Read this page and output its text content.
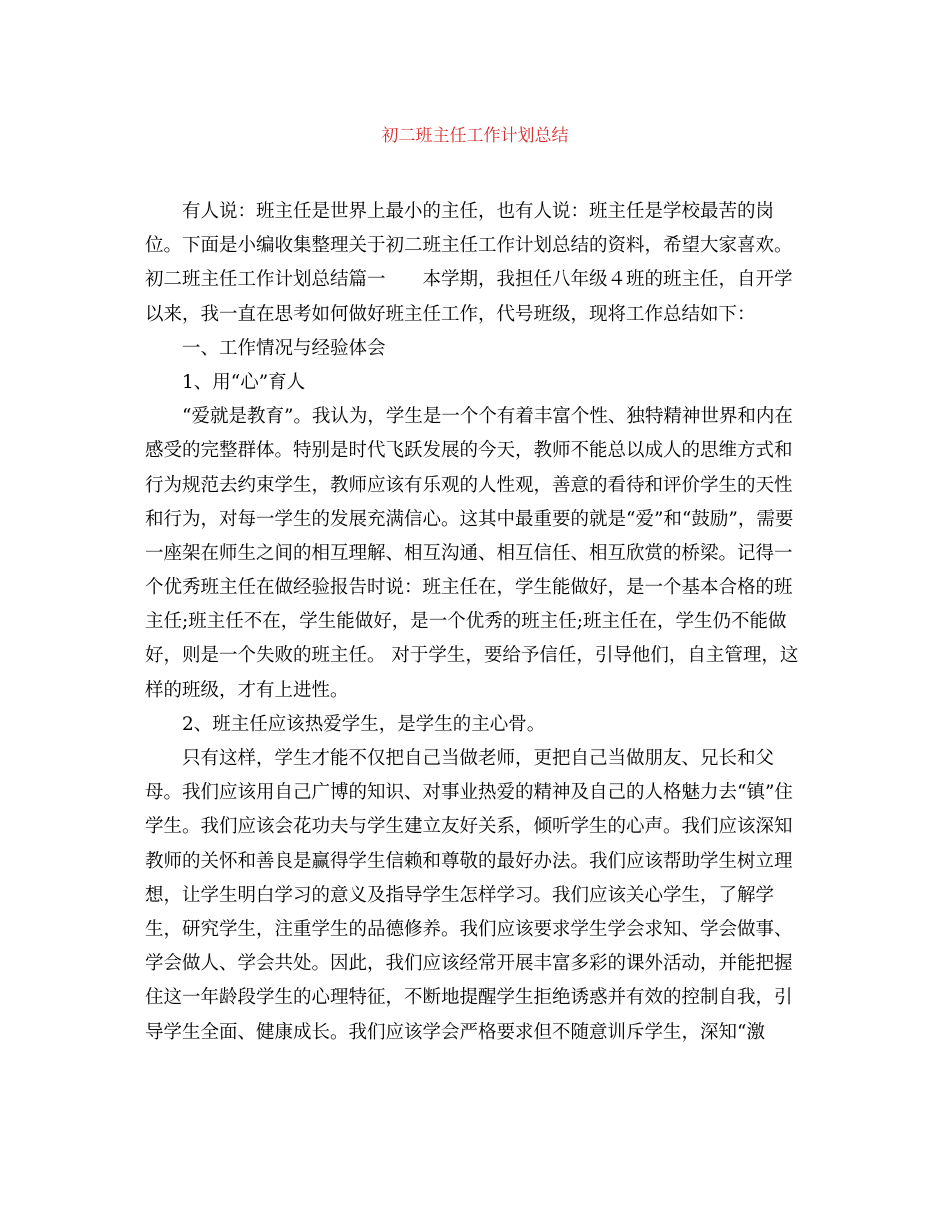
初二班主任工作计划总结
有人说：班主任是世界上最小的主任，也有人说：班主任是学校最苦的岗
位。下面是小编收集整理关于初二班主任工作计划总结的资料，希望大家喜欢。
初二班主任工作计划总结篇一　　本学期，我担任八年级４班的班主任，自开学
以来，我一直在思考如何做好班主任工作，代号班级，现将工作总结如下：
一、工作情况与经验体会
1、用“心”育人
“爱就是教育”。我认为，学生是一个个有着丰富个性、独特精神世界和内在
感受的完整群体。特别是时代飞跃发展的今天，教师不能总以成人的思维方式和
行为规范去约束学生，教师应该有乐观的人性观，善意的看待和评价学生的天性
和行为，对每一学生的发展充满信心。这其中最重要的就是“爱”和“鼓励”，需要
一座架在师生之间的相互理解、相互沟通、相互信任、相互欣赏的桥梁。记得一
个优秀班主任在做经验报告时说：班主任在，学生能做好，是一个基本合格的班
主任;班主任不在，学生能做好，是一个优秀的班主任;班主任在，学生仍不能做
好，则是一个失败的班主任。 对于学生，要给予信任，引导他们，自主管理，这
样的班级，才有上进性。
2、班主任应该热爱学生，是学生的主心骨。
只有这样，学生才能不仅把自己当做老师，更把自己当做朋友、兄长和父
母。我们应该用自己广博的知识、对事业热爱的精神及自己的人格魅力去“镇”住
学生。我们应该会花功夫与学生建立友好关系，倾听学生的心声。我们应该深知
教师的关怀和善良是赢得学生信赖和尊敬的最好办法。我们应该帮助学生树立理
想，让学生明白学习的意义及指导学生怎样学习。我们应该关心学生，了解学
生，研究学生，注重学生的品德修养。我们应该要求学生学会求知、学会做事、
学会做人、学会共处。因此，我们应该经常开展丰富多彩的课外活动，并能把握
住这一年龄段学生的心理特征，不断地提醒学生拒绝诱惑并有效的控制自我，引
导学生全面、健康成长。我们应该学会严格要求但不随意训斥学生，深知“激
